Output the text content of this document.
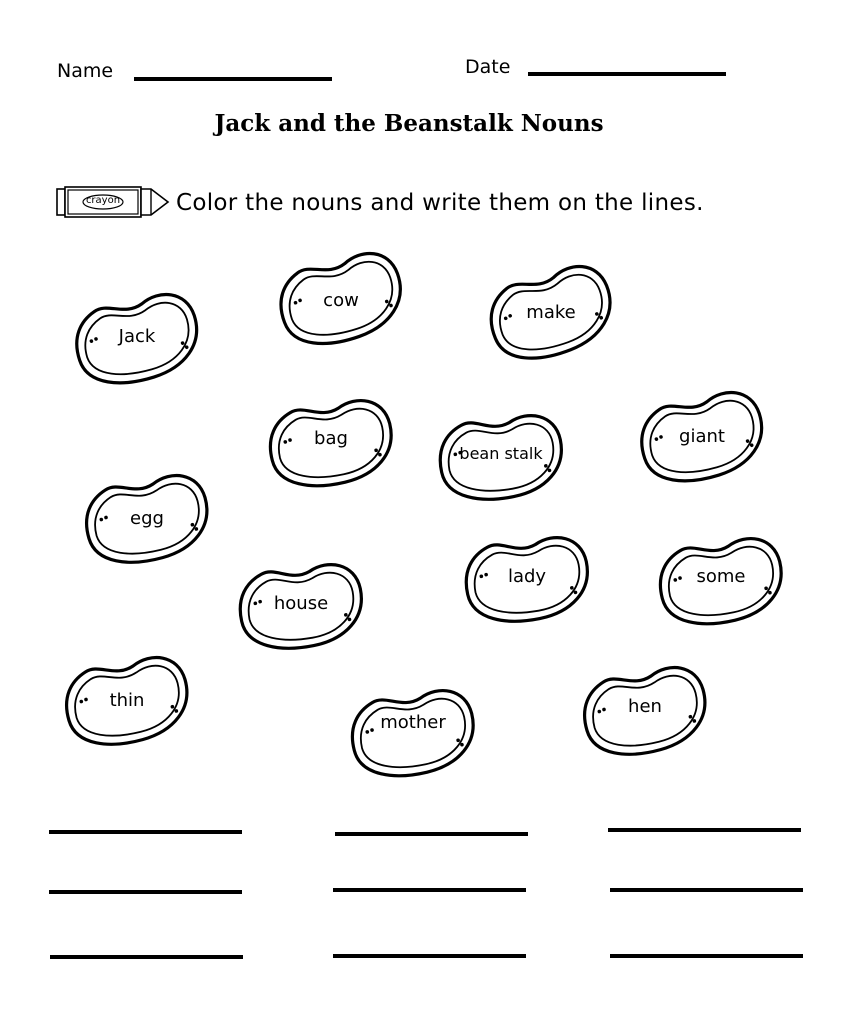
Name	Date
Jack and the Beanstalk Nouns
crayon Color the nouns and write them on the lines.
Jack
cow
make
bag
bean stalk
giant
egg
lady	some
house
thin
mother
hen
